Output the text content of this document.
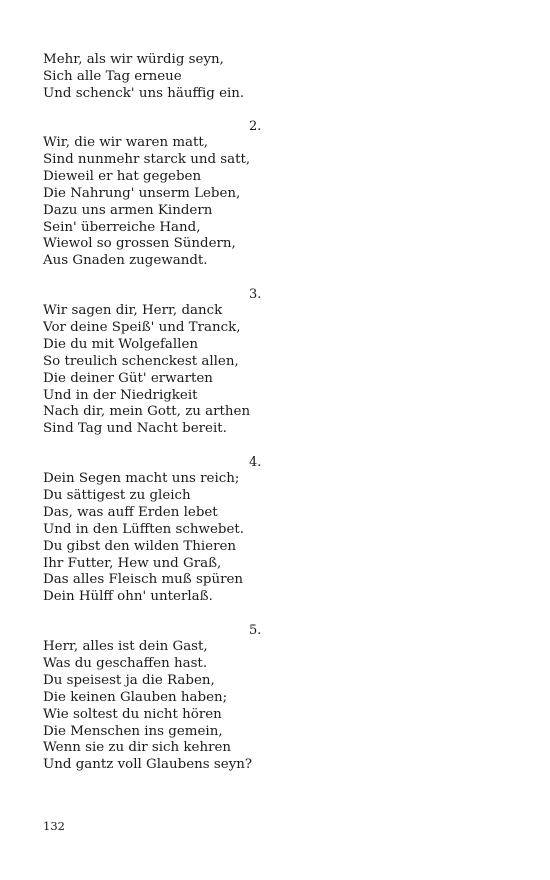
Mehr, als wir würdig seyn,
Sich alle Tag erneue
Und schenck' uns häuffig ein.
2.
Wir, die wir waren matt,
Sind nunmehr starck und satt,
Dieweil er hat gegeben
Die Nahrung' unserm Leben,
Dazu uns armen Kindern
Sein' überreiche Hand,
Wiewol so grossen Sündern,
Aus Gnaden zugewandt.
3.
Wir sagen dir, Herr, danck
Vor deine Speiß' und Tranck,
Die du mit Wolgefallen
So treulich schenckest allen,
Die deiner Güt' erwarten
Und in der Niedrigkeit
Nach dir, mein Gott, zu arthen
Sind Tag und Nacht bereit.
4.
Dein Segen macht uns reich;
Du sättigest zu gleich
Das, was auff Erden lebet
Und in den Lüfften schwebet.
Du gibst den wilden Thieren
Ihr Futter, Hew und Graß,
Das alles Fleisch muß spüren
Dein Hülff ohn' unterlaß.
5.
Herr, alles ist dein Gast,
Was du geschaffen hast.
Du speisest ja die Raben,
Die keinen Glauben haben;
Wie soltest du nicht hören
Die Menschen ins gemein,
Wenn sie zu dir sich kehren
Und gantz voll Glaubens seyn?
132
